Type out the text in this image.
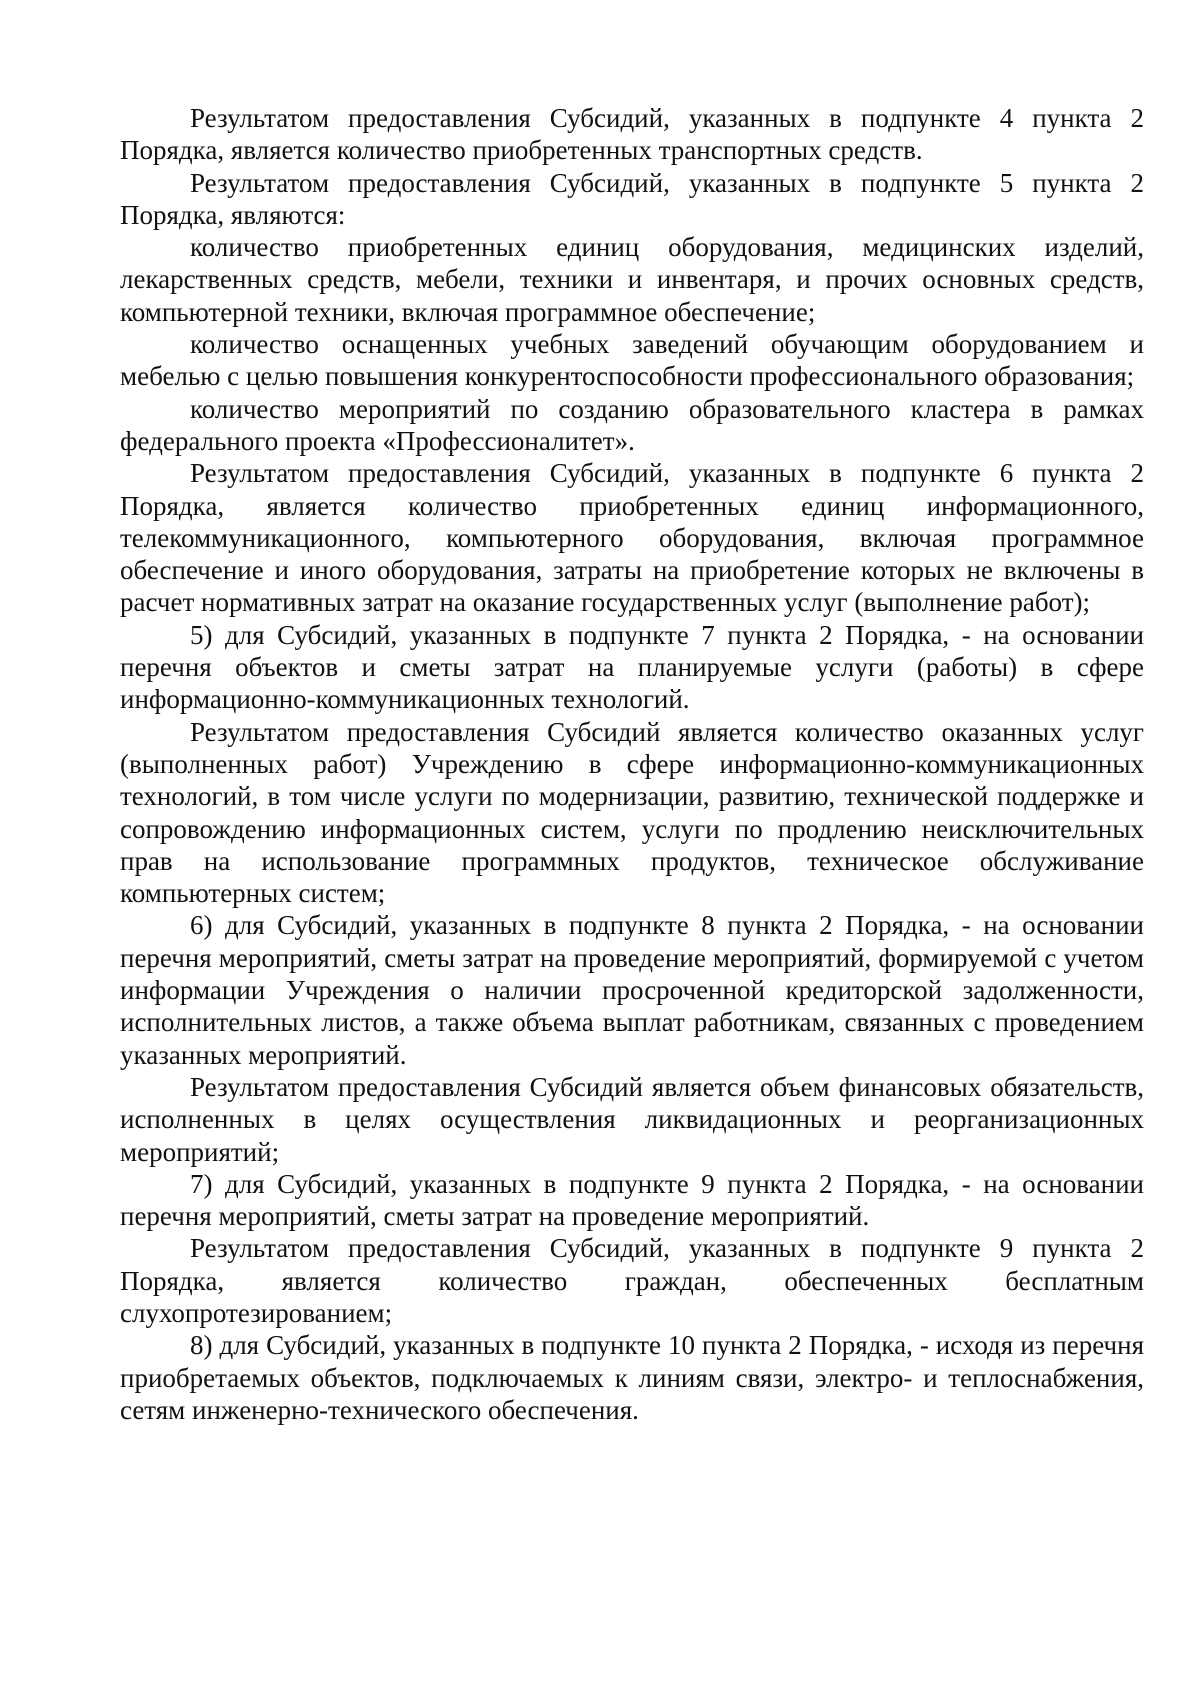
Результатом предоставления Субсидий, указанных в подпункте 4 пункта 2 Порядка, является количество приобретенных транспортных средств.

Результатом предоставления Субсидий, указанных в подпункте 5 пункта 2 Порядка, являются:

количество приобретенных единиц оборудования, медицинских изделий, лекарственных средств, мебели, техники и инвентаря, и прочих основных средств, компьютерной техники, включая программное обеспечение;

количество оснащенных учебных заведений обучающим оборудованием и мебелью с целью повышения конкурентоспособности профессионального образования;

количество мероприятий по созданию образовательного кластера в рамках федерального проекта «Профессионалитет».

Результатом предоставления Субсидий, указанных в подпункте 6 пункта 2 Порядка, является количество приобретенных единиц информационного, телекоммуникационного, компьютерного оборудования, включая программное обеспечение и иного оборудования, затраты на приобретение которых не включены в расчет нормативных затрат на оказание государственных услуг (выполнение работ);

5) для Субсидий, указанных в подпункте 7 пункта 2 Порядка, - на основании перечня объектов и сметы затрат на планируемые услуги (работы) в сфере информационно-коммуникационных технологий.

Результатом предоставления Субсидий является количество оказанных услуг (выполненных работ) Учреждению в сфере информационно-коммуникационных технологий, в том числе услуги по модернизации, развитию, технической поддержке и сопровождению информационных систем, услуги по продлению неисключительных прав на использование программных продуктов, техническое обслуживание компьютерных систем;

6) для Субсидий, указанных в подпункте 8 пункта 2 Порядка, - на основании перечня мероприятий, сметы затрат на проведение мероприятий, формируемой с учетом информации Учреждения о наличии просроченной кредиторской задолженности, исполнительных листов, а также объема выплат работникам, связанных с проведением указанных мероприятий.

Результатом предоставления Субсидий является объем финансовых обязательств, исполненных в целях осуществления ликвидационных и реорганизационных мероприятий;

7) для Субсидий, указанных в подпункте 9 пункта 2 Порядка, - на основании перечня мероприятий, сметы затрат на проведение мероприятий.

Результатом предоставления Субсидий, указанных в подпункте 9 пункта 2 Порядка, является количество граждан, обеспеченных бесплатным слухопротезированием;

8) для Субсидий, указанных в подпункте 10 пункта 2 Порядка, - исходя из перечня приобретаемых объектов, подключаемых к линиям связи, электро- и теплоснабжения, сетям инженерно-технического обеспечения.
